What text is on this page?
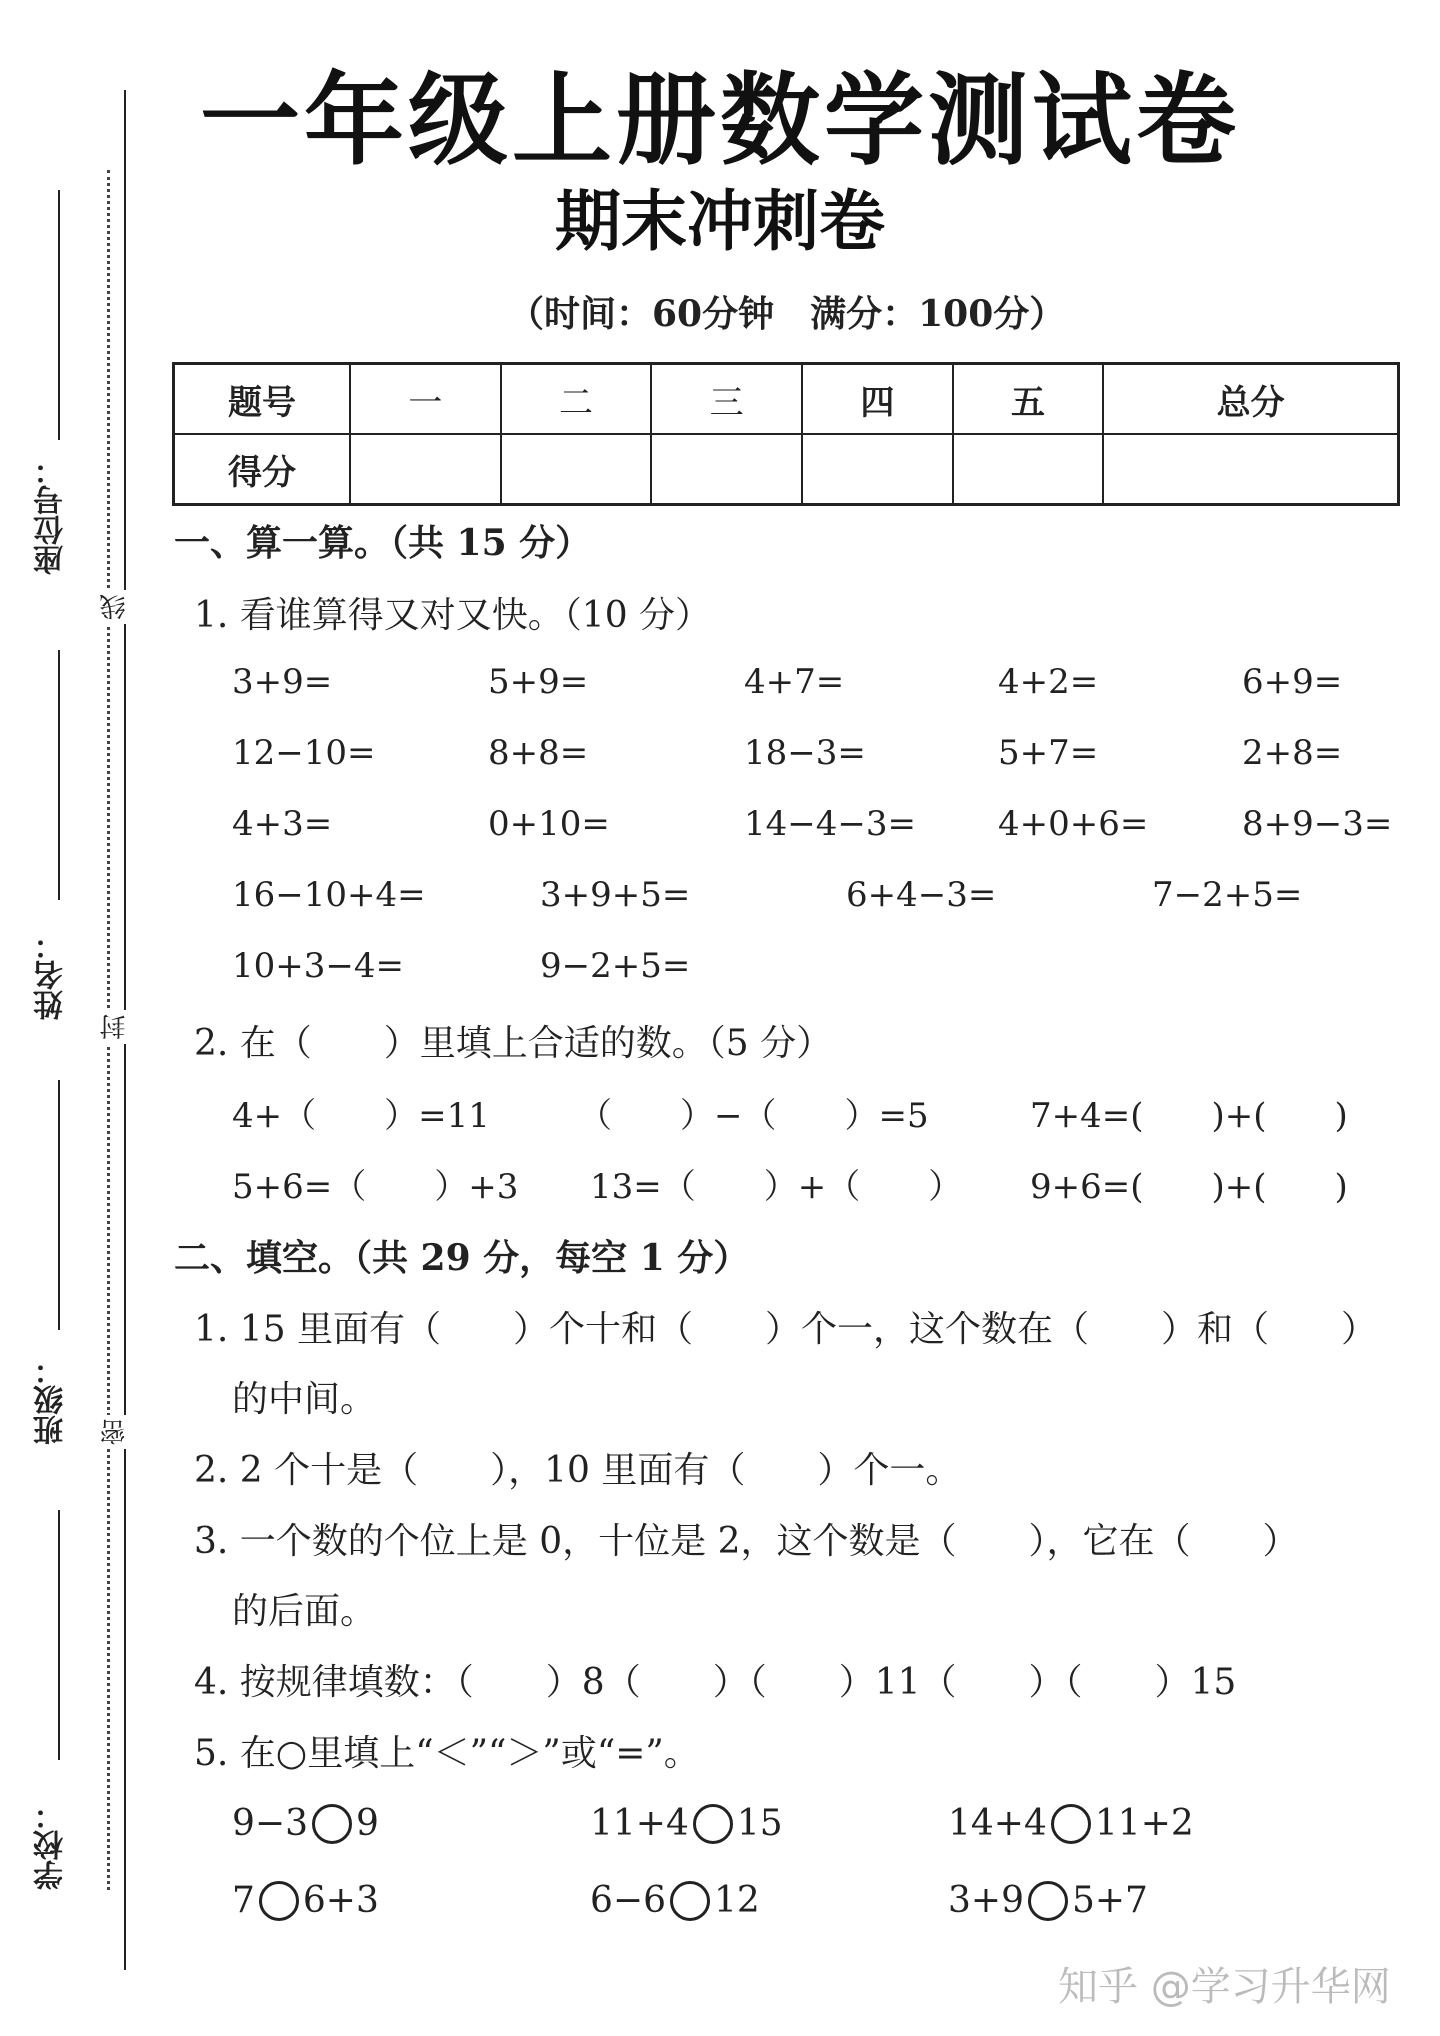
线
封
密
座位号：
姓名：
班级：
学校：
一年级上册数学测试卷
期末冲刺卷
（时间：60分钟　满分：100分）
题号	一	二	三	四	五	总分
得分						
一、算一算。（共 15 分）
1. 看谁算得又对又快。（10 分）
3+9=	5+9=	4+7=	4+2=	6+9=
12−10=	8+8=	18−3=	5+7=	2+8=
4+3=	0+10=	14−4−3= 4+0+6=	8+9−3=
16−10+4=	3+9+5=	6+4−3=	7−2+5=
10+3−4=	9−2+5=
2. 在（　　）里填上合适的数。（5 分）
4+（　　）=11	（　　）−（　　）=5	7+4=(　　)+(　　)
5+6=（　　）+3 13=（　　）+（　　） 9+6=(　　)+(　　)
二、填空。（共 29 分，每空 1 分）
1. 15 里面有（　　）个十和（　　）个一，这个数在（　　）和（　　）
的中间。
2. 2 个十是（　　），10 里面有（　　）个一。
3. 一个数的个位上是 0，十位是 2，这个数是（　　），它在（　　）
的后面。
4. 按规律填数：（　　）8（　　）（　　）11（　　）（　　）15
5. 在○里填上“＜”“＞”或“=”。
9−3 9	11+4 15	14+4 11+2
7 6+3	6−6 12	3+9 5+7
知乎 @学习升华网
